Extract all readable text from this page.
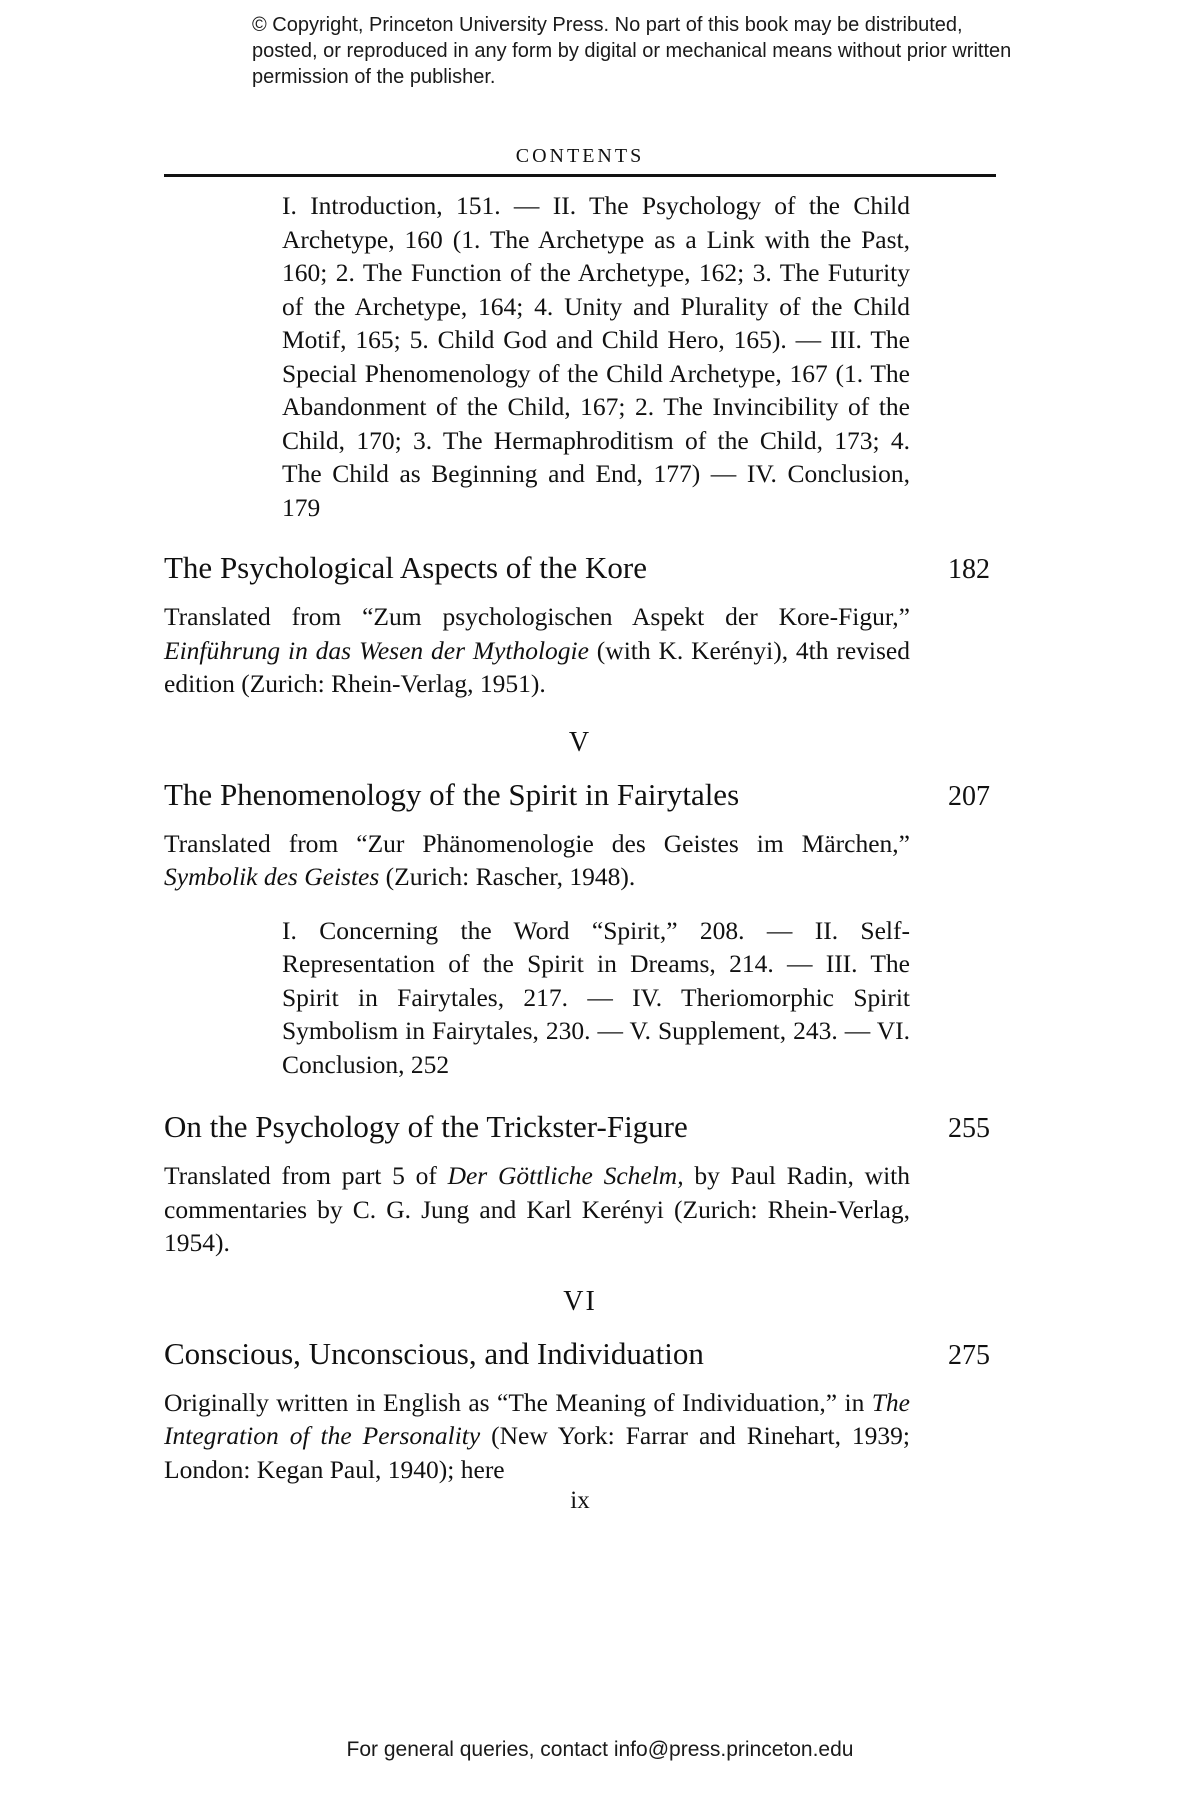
© Copyright, Princeton University Press. No part of this book may be distributed, posted, or reproduced in any form by digital or mechanical means without prior written permission of the publisher.
CONTENTS
I. Introduction, 151. — II. The Psychology of the Child Archetype, 160 (1. The Archetype as a Link with the Past, 160; 2. The Function of the Archetype, 162; 3. The Futurity of the Archetype, 164; 4. Unity and Plurality of the Child Motif, 165; 5. Child God and Child Hero, 165). — III. The Special Phenomenology of the Child Archetype, 167 (1. The Abandonment of the Child, 167; 2. The Invincibility of the Child, 170; 3. The Hermaphroditism of the Child, 173; 4. The Child as Beginning and End, 177) — IV. Conclusion, 179
The Psychological Aspects of the Kore	182
Translated from “Zum psychologischen Aspekt der Kore-Figur,” Einführung in das Wesen der Mythologie (with K. Kerényi), 4th revised edition (Zurich: Rhein-Verlag, 1951).
V
The Phenomenology of the Spirit in Fairytales	207
Translated from “Zur Phänomenologie des Geistes im Märchen,” Symbolik des Geistes (Zurich: Rascher, 1948).
I. Concerning the Word “Spirit,” 208. — II. Self-Representation of the Spirit in Dreams, 214. — III. The Spirit in Fairytales, 217. — IV. Theriomorphic Spirit Symbolism in Fairytales, 230. — V. Supplement, 243. — VI. Conclusion, 252
On the Psychology of the Trickster-Figure	255
Translated from part 5 of Der Göttliche Schelm, by Paul Radin, with commentaries by C. G. Jung and Karl Kerényi (Zurich: Rhein-Verlag, 1954).
VI
Conscious, Unconscious, and Individuation	275
Originally written in English as “The Meaning of Individuation,” in The Integration of the Personality (New York: Farrar and Rinehart, 1939; London: Kegan Paul, 1940); here
ix
For general queries, contact info@press.princeton.edu
